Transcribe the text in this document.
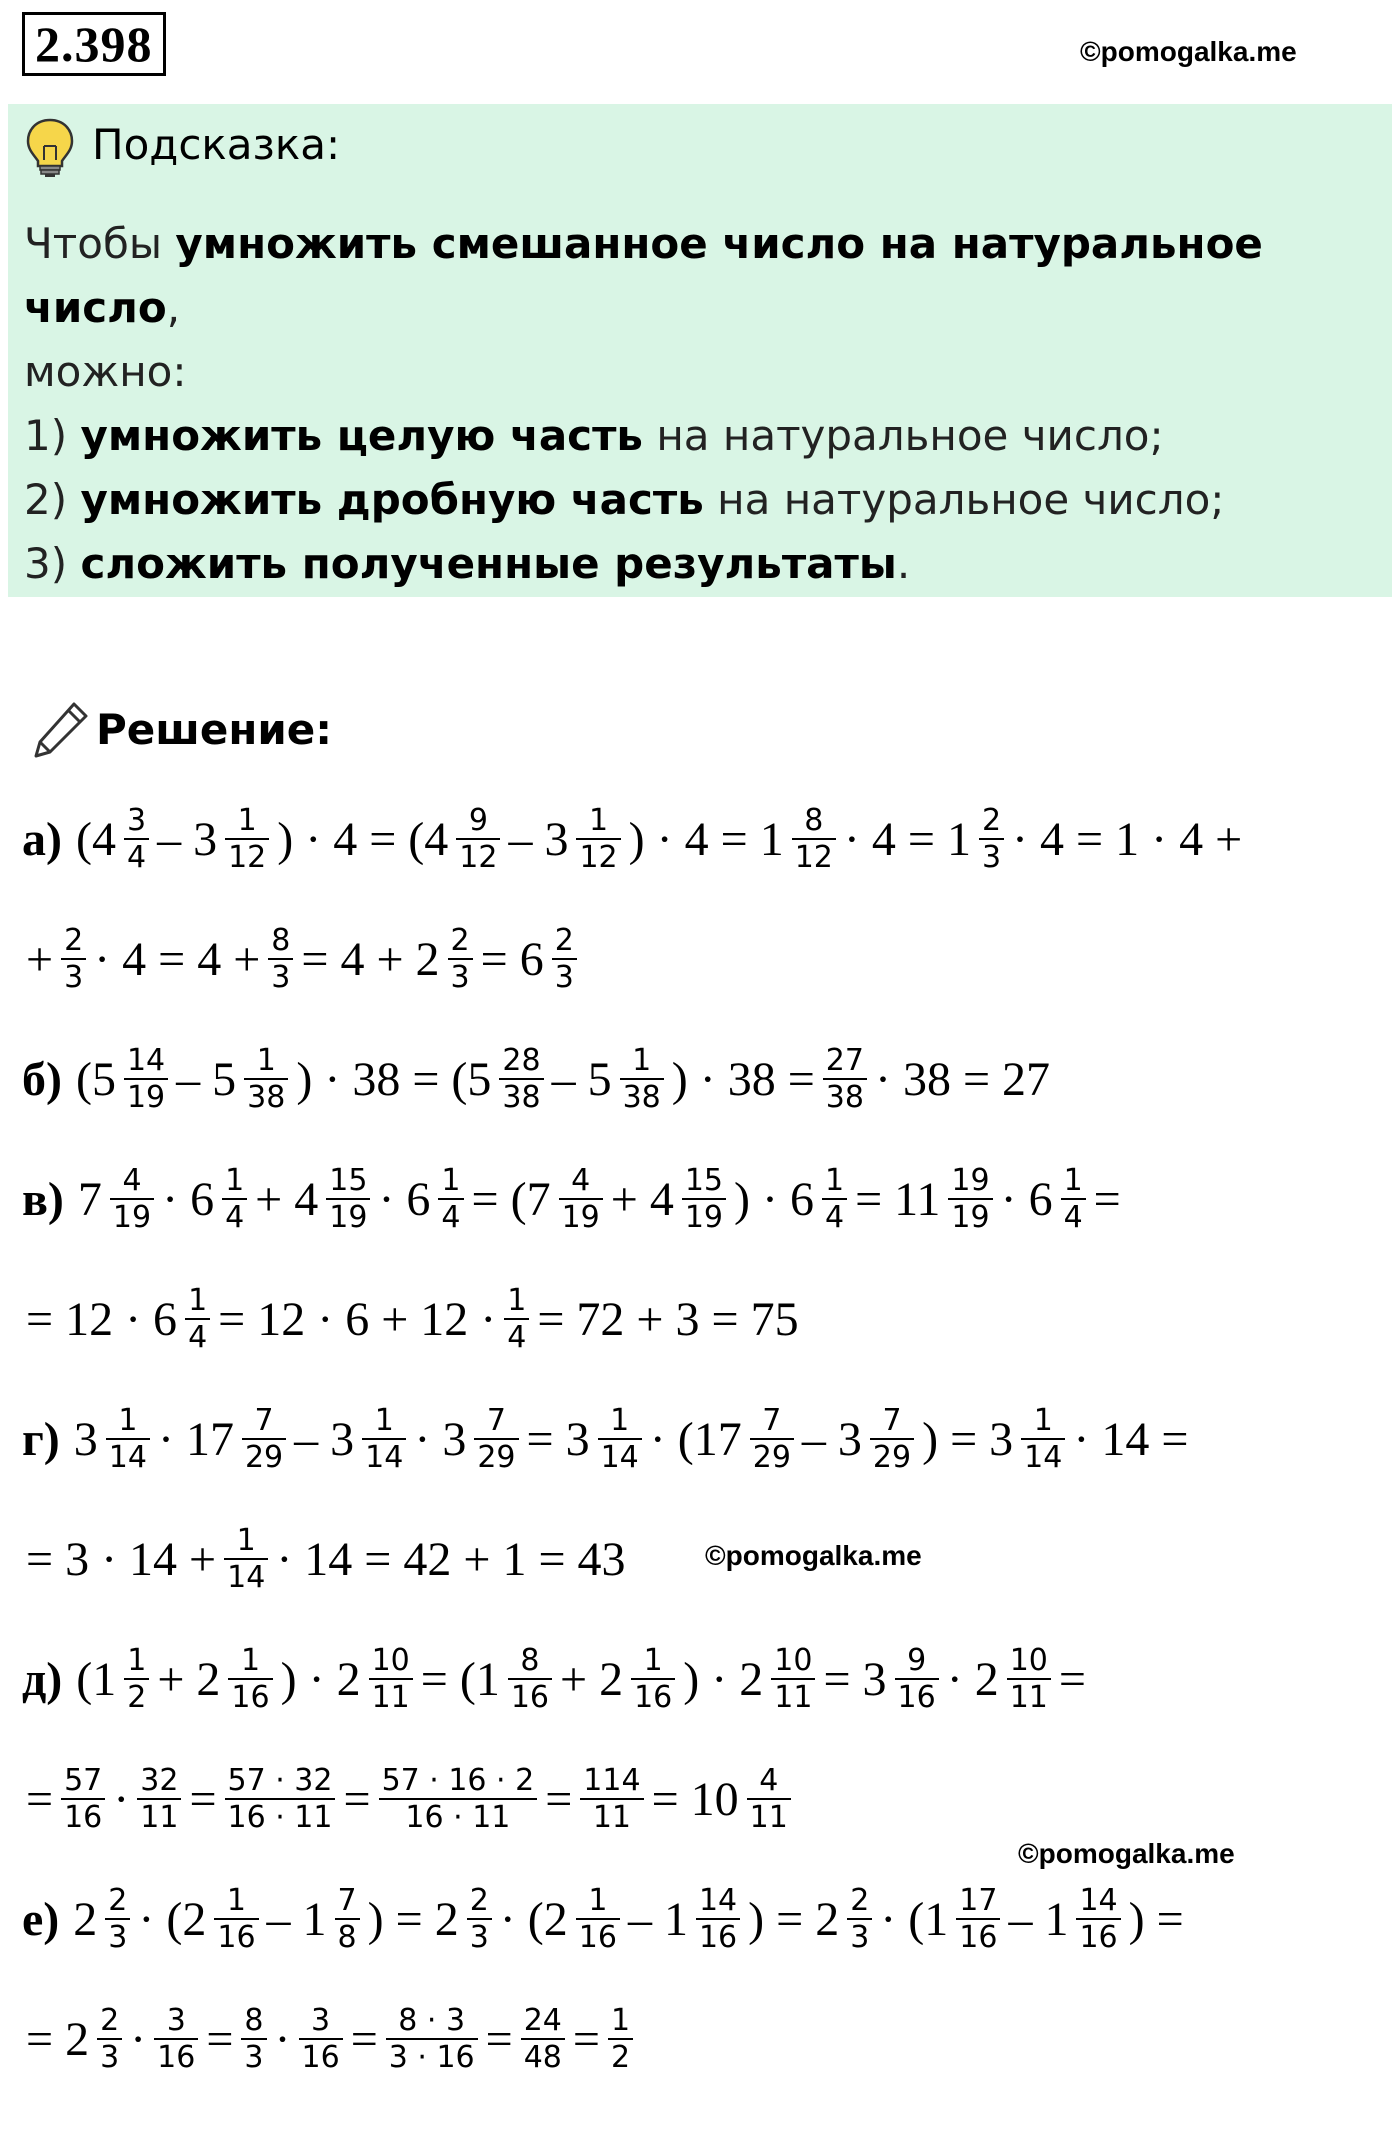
2.398	©pomogalka.me
Подсказка:
Чтобы умножить смешанное число на натуральное число,
можно:
1) умножить целую часть на натуральное число;
2) умножить дробную часть на натуральное число;
3) сложить полученные результаты.
Решение:
а) ($4 \frac{3}{4} - 3 \frac{1}{12}$ ) · $4 = (4 \frac{9}{12} - 3 \frac{1}{12}$ ) · $4 = 1 \frac{8}{12} \cdot 4 = 1 \frac{2}{3} \cdot 4 = 1 \cdot 4$ +
+ $\frac{2}{3} \cdot 4 = 4 + \frac{8}{3} = 4 + 2 \frac{2}{3} = 6 \frac{2}{3}$
б) ($5 \frac{14}{19} - 5 \frac{1}{38}$ ) · $38 = (5 \frac{28}{38} - 5 \frac{1}{38}$ ) · $38 = \frac{27}{38} \cdot 38 = 27$
в) $7 \frac{4}{19} \cdot 6 \frac{1}{4} + 4 \frac{15}{19} \cdot 6 \frac{1}{4} = (7 \frac{4}{19} + 4 \frac{15}{19}$ ) · $6 \frac{1}{4} = 11 \frac{19}{19} \cdot 6 \frac{1}{4}$ =
= $12 \cdot 6 \frac{1}{4} = 12 \cdot 6 + 12 \cdot \frac{1}{4} = 72 + 3 = 75$
г) $3 \frac{1}{14} \cdot 17 \frac{7}{29} - 3 \frac{1}{14} \cdot 3 \frac{7}{29} = 3 \frac{1}{14} \cdot (17 \frac{7}{29} - 3 \frac{7}{29}$ ) = $3 \frac{1}{14} \cdot 14$ =
= $3 \cdot 14 + \frac{1}{14} \cdot 14 = 42 + 1 = 43$
д) ($1 \frac{1}{2} + 2 \frac{1}{16}$ ) · $2 \frac{10}{11} = (1 \frac{8}{16} + 2 \frac{1}{16}$ ) · $2 \frac{10}{11} = 3 \frac{9}{16} \cdot 2 \frac{10}{11}$ =
= $\frac{57}{16} \cdot \frac{32}{11} = \frac{57 \cdot 32}{16 \cdot 11} = \frac{57 \cdot 16 \cdot 2}{16 \cdot 11} = \frac{114}{11} = 10 \frac{4}{11}$
е) $2 \frac{2}{3} \cdot (2 \frac{1}{16} - 1 \frac{7}{8}$ ) = $2 \frac{2}{3} \cdot (2 \frac{1}{16} - 1 \frac{14}{16}$ ) = $2 \frac{2}{3} \cdot (1 \frac{17}{16} - 1 \frac{14}{16}$ ) =
= $2 \frac{2}{3} \cdot \frac{3}{16} = \frac{8}{3} \cdot \frac{3}{16} = \frac{8 \cdot 3}{3 \cdot 16} = \frac{24}{48} = \frac{1}{2}$
©pomogalka.me
©pomogalka.me
